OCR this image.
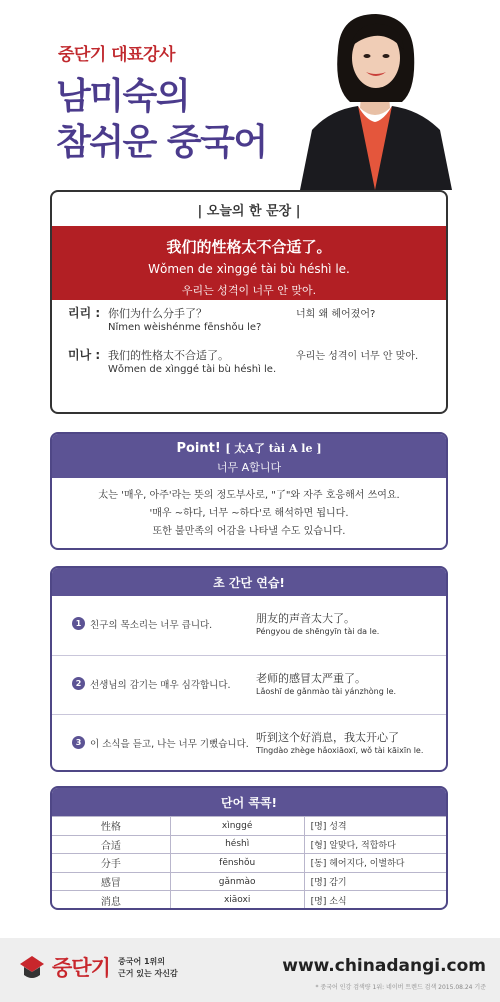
중단기 대표강사
남미숙의
참쉬운 중국어
| 오늘의 한 문장 |
我们的性格太不合适了。
Wǒmen de xìnggé tài bù héshì le.
우리는 성격이 너무 안 맞아.
리리 : 你们为什么分手了？
Nǐmen wèishénme fēnshǒu le?
너희 왜 헤어졌어?
미나 : 我们的性格太不合适了。
Wǒmen de xìnggé tài bù héshì le.
우리는 성격이 너무 안 맞아.
Point! [ 太A了 tài A le ]
너무 A합니다
太는 '매우, 아주'라는 뜻의 정도부사로, "了"와 자주 호응해서 쓰여요.
'매우 ~하다, 너무 ~하다'로 해석하면 됩니다.
또한 불만족의 어감을 나타낼 수도 있습니다.
초 간단 연습!
1 친구의 목소리는 너무 큽니다.
朋友的声音太大了。
Péngyou de shēngyīn tài da le.
2 선생님의 감기는 매우 심각합니다.
老师的感冒太严重了。
Lǎoshī de gǎnmào tài yánzhòng le.
3 이 소식을 듣고, 나는 너무 기뻤습니다.
听到这个好消息，我太开心了
Tīngdào zhège hǎoxiāoxī, wǒ tài kāixīn le.
단어 콕콕!
性格	xìnggé	[명] 성격
合适	héshì	[형] 알맞다, 적합하다
分手	fēnshǒu	[동] 헤어지다, 이별하다
感冒	gǎnmào	[명] 감기
消息	xiāoxi	[명] 소식
중단기 중국어 1위의
근거 있는 자신감	www.chinadangi.com
* 중국어 인강 검색량 1위: 네이버 트렌드 검색 2015.08.24 기준
